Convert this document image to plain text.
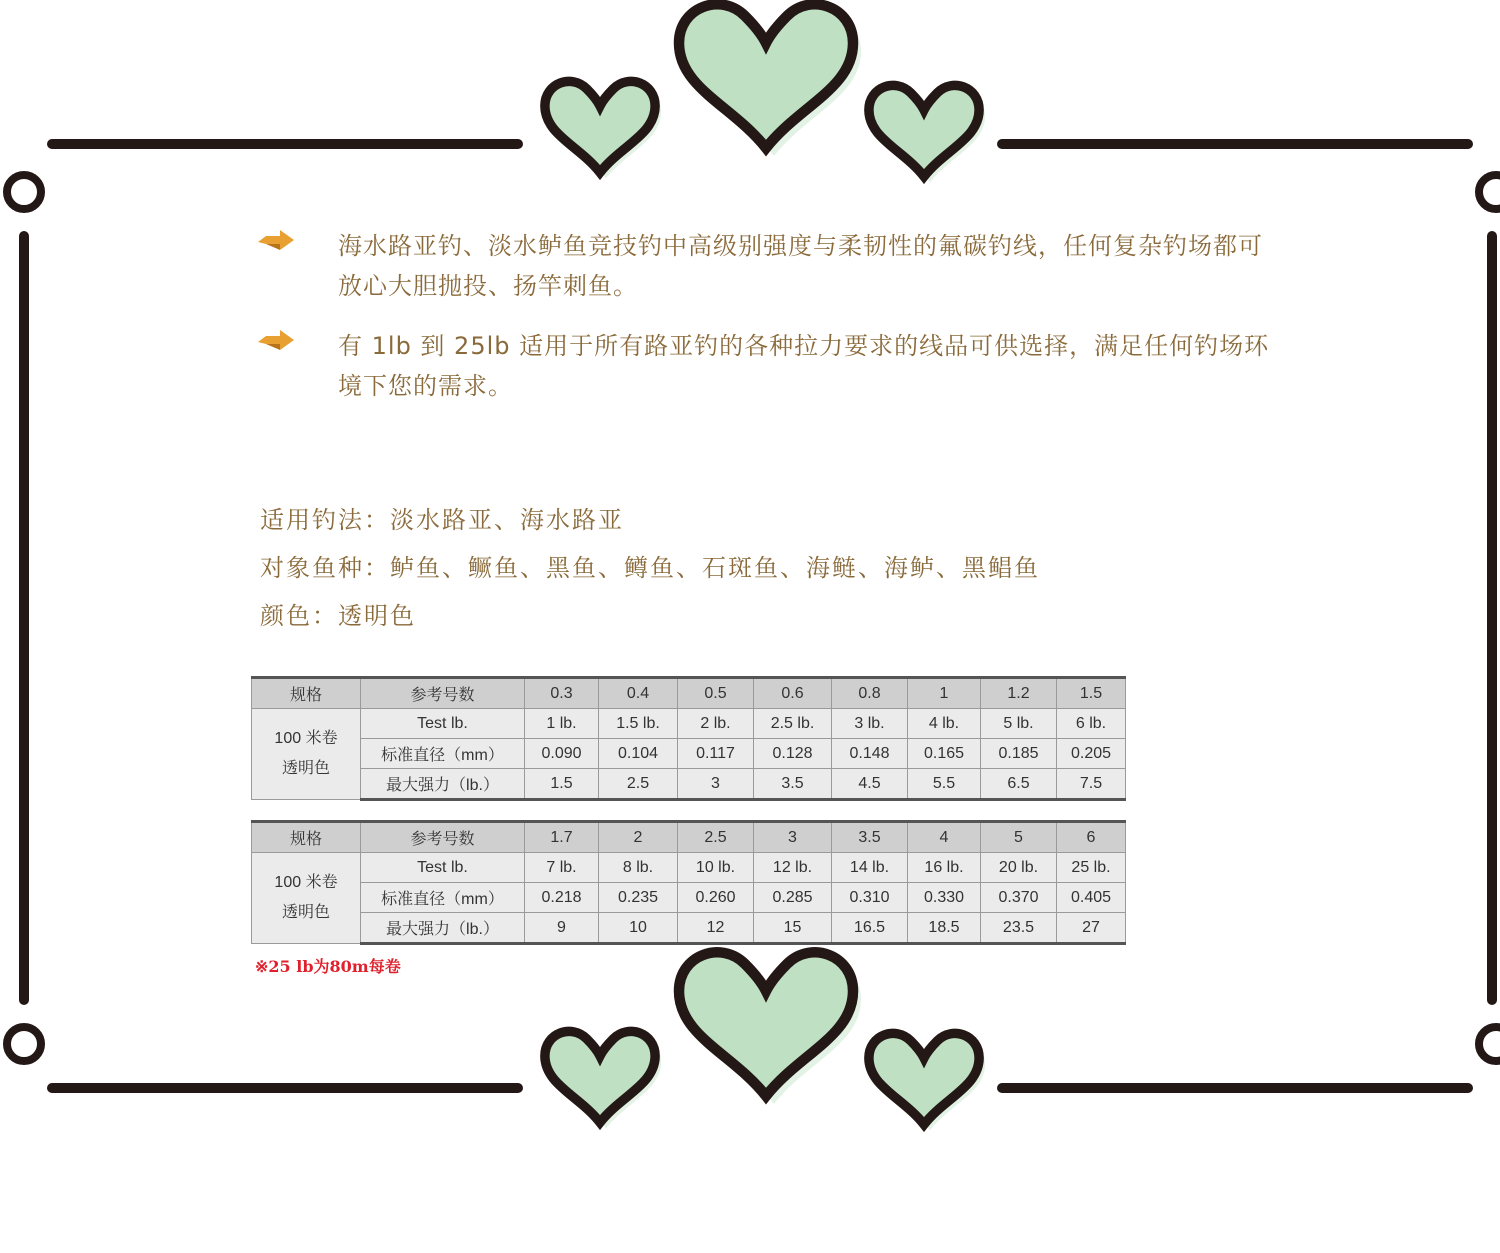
海水路亚钓、淡水鲈鱼竞技钓中高级别强度与柔韧性的氟碳钓线，任何复杂钓场都可放心大胆抛投、扬竿刺鱼。
有 1lb 到 25lb 适用于所有路亚钓的各种拉力要求的线品可供选择，满足任何钓场环境下您的需求。
适用钓法：淡水路亚、海水路亚
对象鱼种：鲈鱼、鳜鱼、黑鱼、鳟鱼、石斑鱼、海鲢、海鲈、黑鲳鱼
颜色：透明色
规格	参考号数	0.3	0.4	0.5	0.6	0.8	1	1.2	1.5

100 米卷
透明色	Test lb.	1 lb.	1.5 lb.	2 lb.	2.5 lb.	3 lb.	4 lb.	5 lb.	6 lb.
	标准直径（mm）	0.090	0.104	0.117	0.128	0.148	0.165	0.185	0.205
	最大强力（lb.）	1.5	2.5	3	3.5	4.5	5.5	6.5	7.5
规格	参考号数	1.7	2	2.5	3	3.5	4	5	6

100 米卷
透明色	Test lb.	7 lb.	8 lb.	10 lb.	12 lb.	14 lb.	16 lb.	20 lb.	25 lb.
	标准直径（mm）	0.218	0.235	0.260	0.285	0.310	0.330	0.370	0.405
	最大强力（lb.）	9	10	12	15	16.5	18.5	23.5	27
※25 lb为80m每卷
